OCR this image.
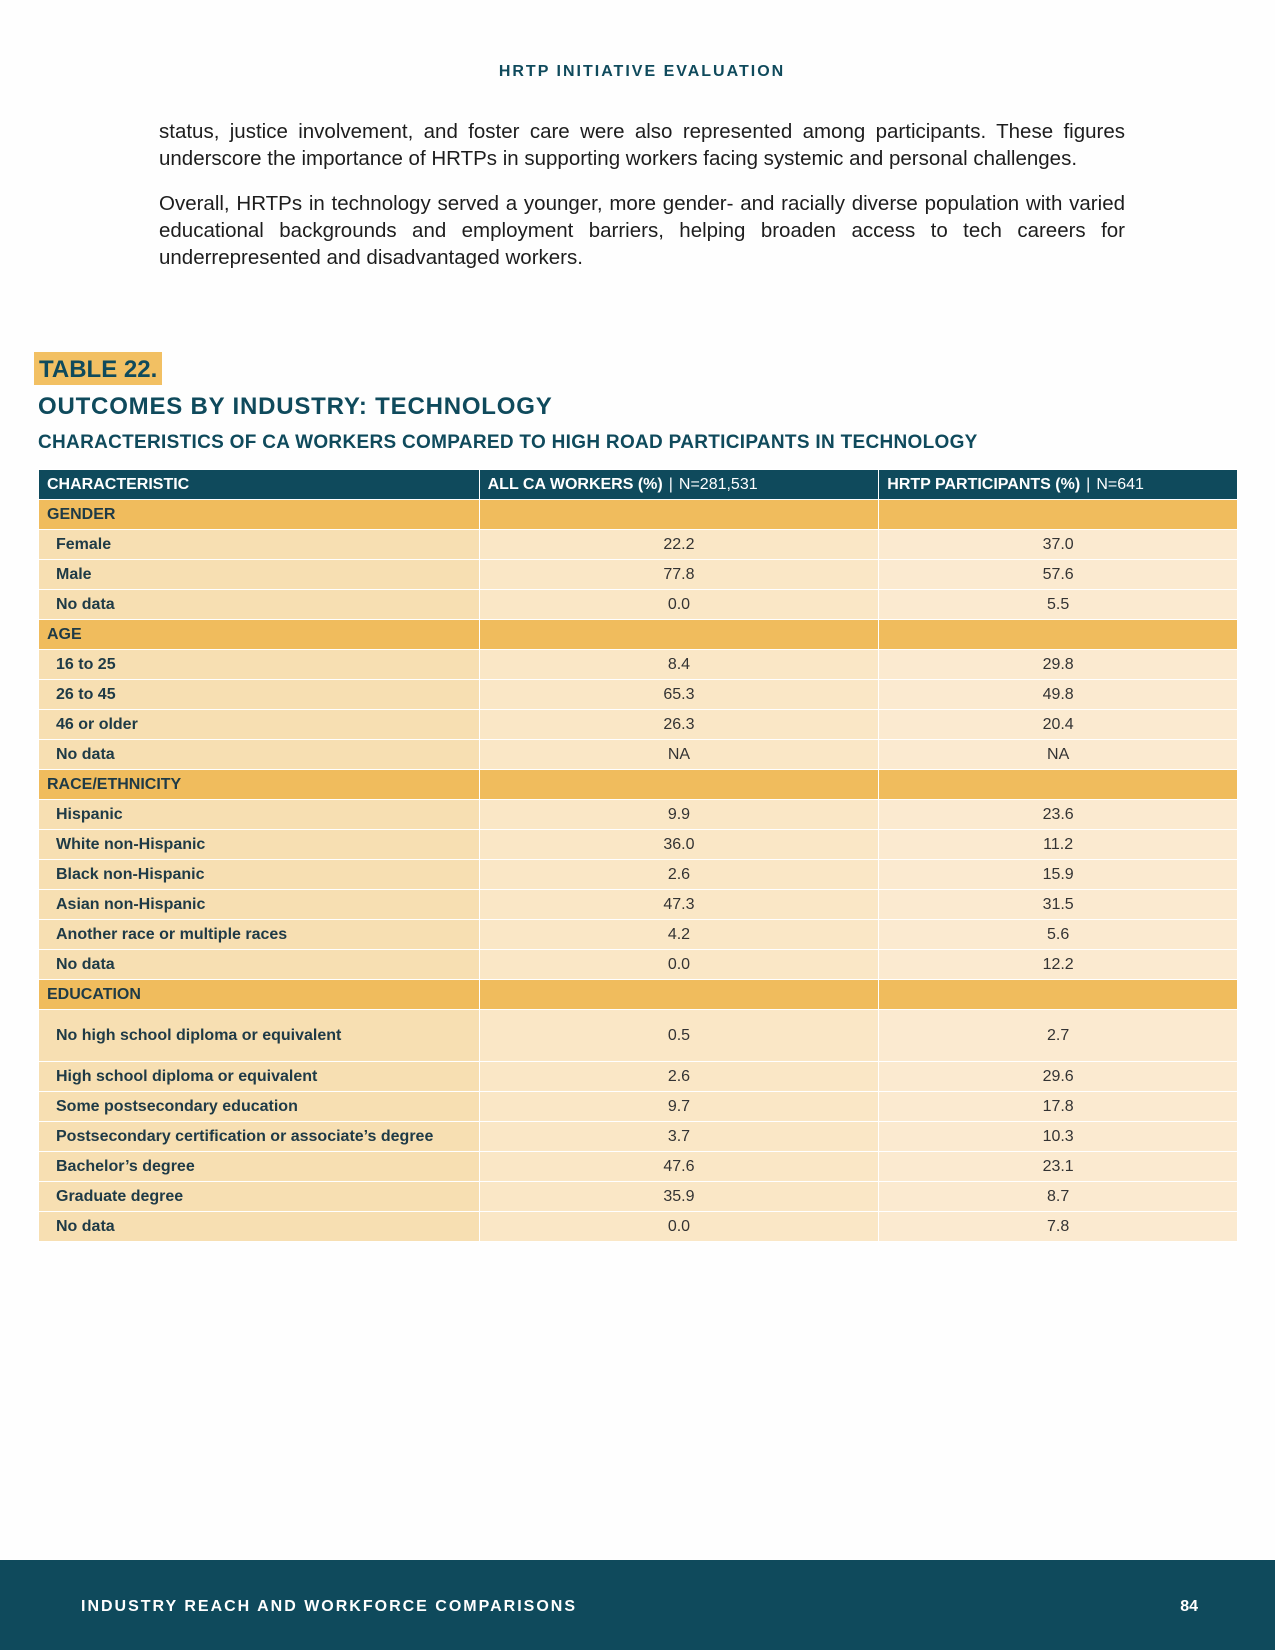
HRTP INITIATIVE EVALUATION

status, justice involvement, and foster care were also represented among participants. These figures underscore the importance of HRTPs in supporting workers facing systemic and personal challenges.

Overall, HRTPs in technology served a younger, more gender- and racially diverse population with varied educational backgrounds and employment barriers, helping broaden access to tech careers for underrepresented and disadvantaged workers.

TABLE 22.
OUTCOMES BY INDUSTRY: TECHNOLOGY
CHARACTERISTICS OF CA WORKERS COMPARED TO HIGH ROAD PARTICIPANTS IN TECHNOLOGY
CHARACTERISTIC	ALL CA WORKERS (%) | N=281,531	HRTP PARTICIPANTS (%) | N=641
GENDER		
Female	22.2	37.0
Male	77.8	57.6
No data	0.0	5.5
AGE		
16 to 25	8.4	29.8
26 to 45	65.3	49.8
46 or older	26.3	20.4
No data	NA	NA
RACE/ETHNICITY		
Hispanic	9.9	23.6
White non-Hispanic	36.0	11.2
Black non-Hispanic	2.6	15.9
Asian non-Hispanic	47.3	31.5
Another race or multiple races	4.2	5.6
No data	0.0	12.2
EDUCATION		
No high school diploma or equivalent	0.5	2.7
High school diploma or equivalent	2.6	29.6
Some postsecondary education	9.7	17.8
Postsecondary certification or associate’s degree	3.7	10.3
Bachelor’s degree	47.6	23.1
Graduate degree	35.9	8.7
No data	0.0	7.8
INDUSTRY REACH AND WORKFORCE COMPARISONS	84
